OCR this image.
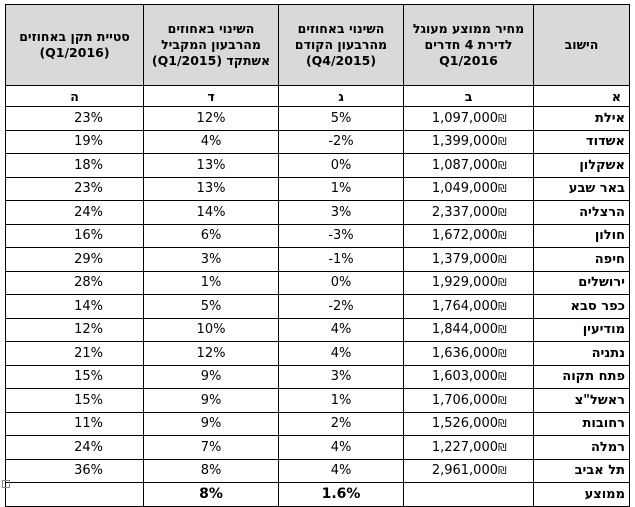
הישוב	מחיר ממוצע מעוגל לדירת 4 חדרים Q1/2016	השינוי באחוזים מהרבעון הקודם (Q4/2015)	השינוי באחוזים מהרבעון המקביל אשתקד (Q1/2015)	סטיית תקן באחוזים (Q1/2016)
א	ב	ג	ד	ה
אילת	₪1,097,000	5%	12%	23%
אשדוד	₪1,399,000	-2%	4%	19%
אשקלון	₪1,087,000	0%	13%	18%
באר שבע	₪1,049,000	1%	13%	23%
הרצליה	₪2,337,000	3%	14%	24%
חולון	₪1,672,000	-3%	6%	16%
חיפה	₪1,379,000	-1%	3%	29%
ירושלים	₪1,929,000	0%	1%	28%
כפר סבא	₪1,764,000	-2%	5%	14%
מודיעין	₪1,844,000	4%	10%	12%
נתניה	₪1,636,000	4%	12%	21%
פתח תקוה	₪1,603,000	3%	9%	15%
ראשל"צ	₪1,706,000	1%	9%	15%
רחובות	₪1,526,000	2%	9%	11%
רמלה	₪1,227,000	4%	7%	24%
תל אביב	₪2,961,000	4%	8%	36%
ממוצע		1.6%	8%	
